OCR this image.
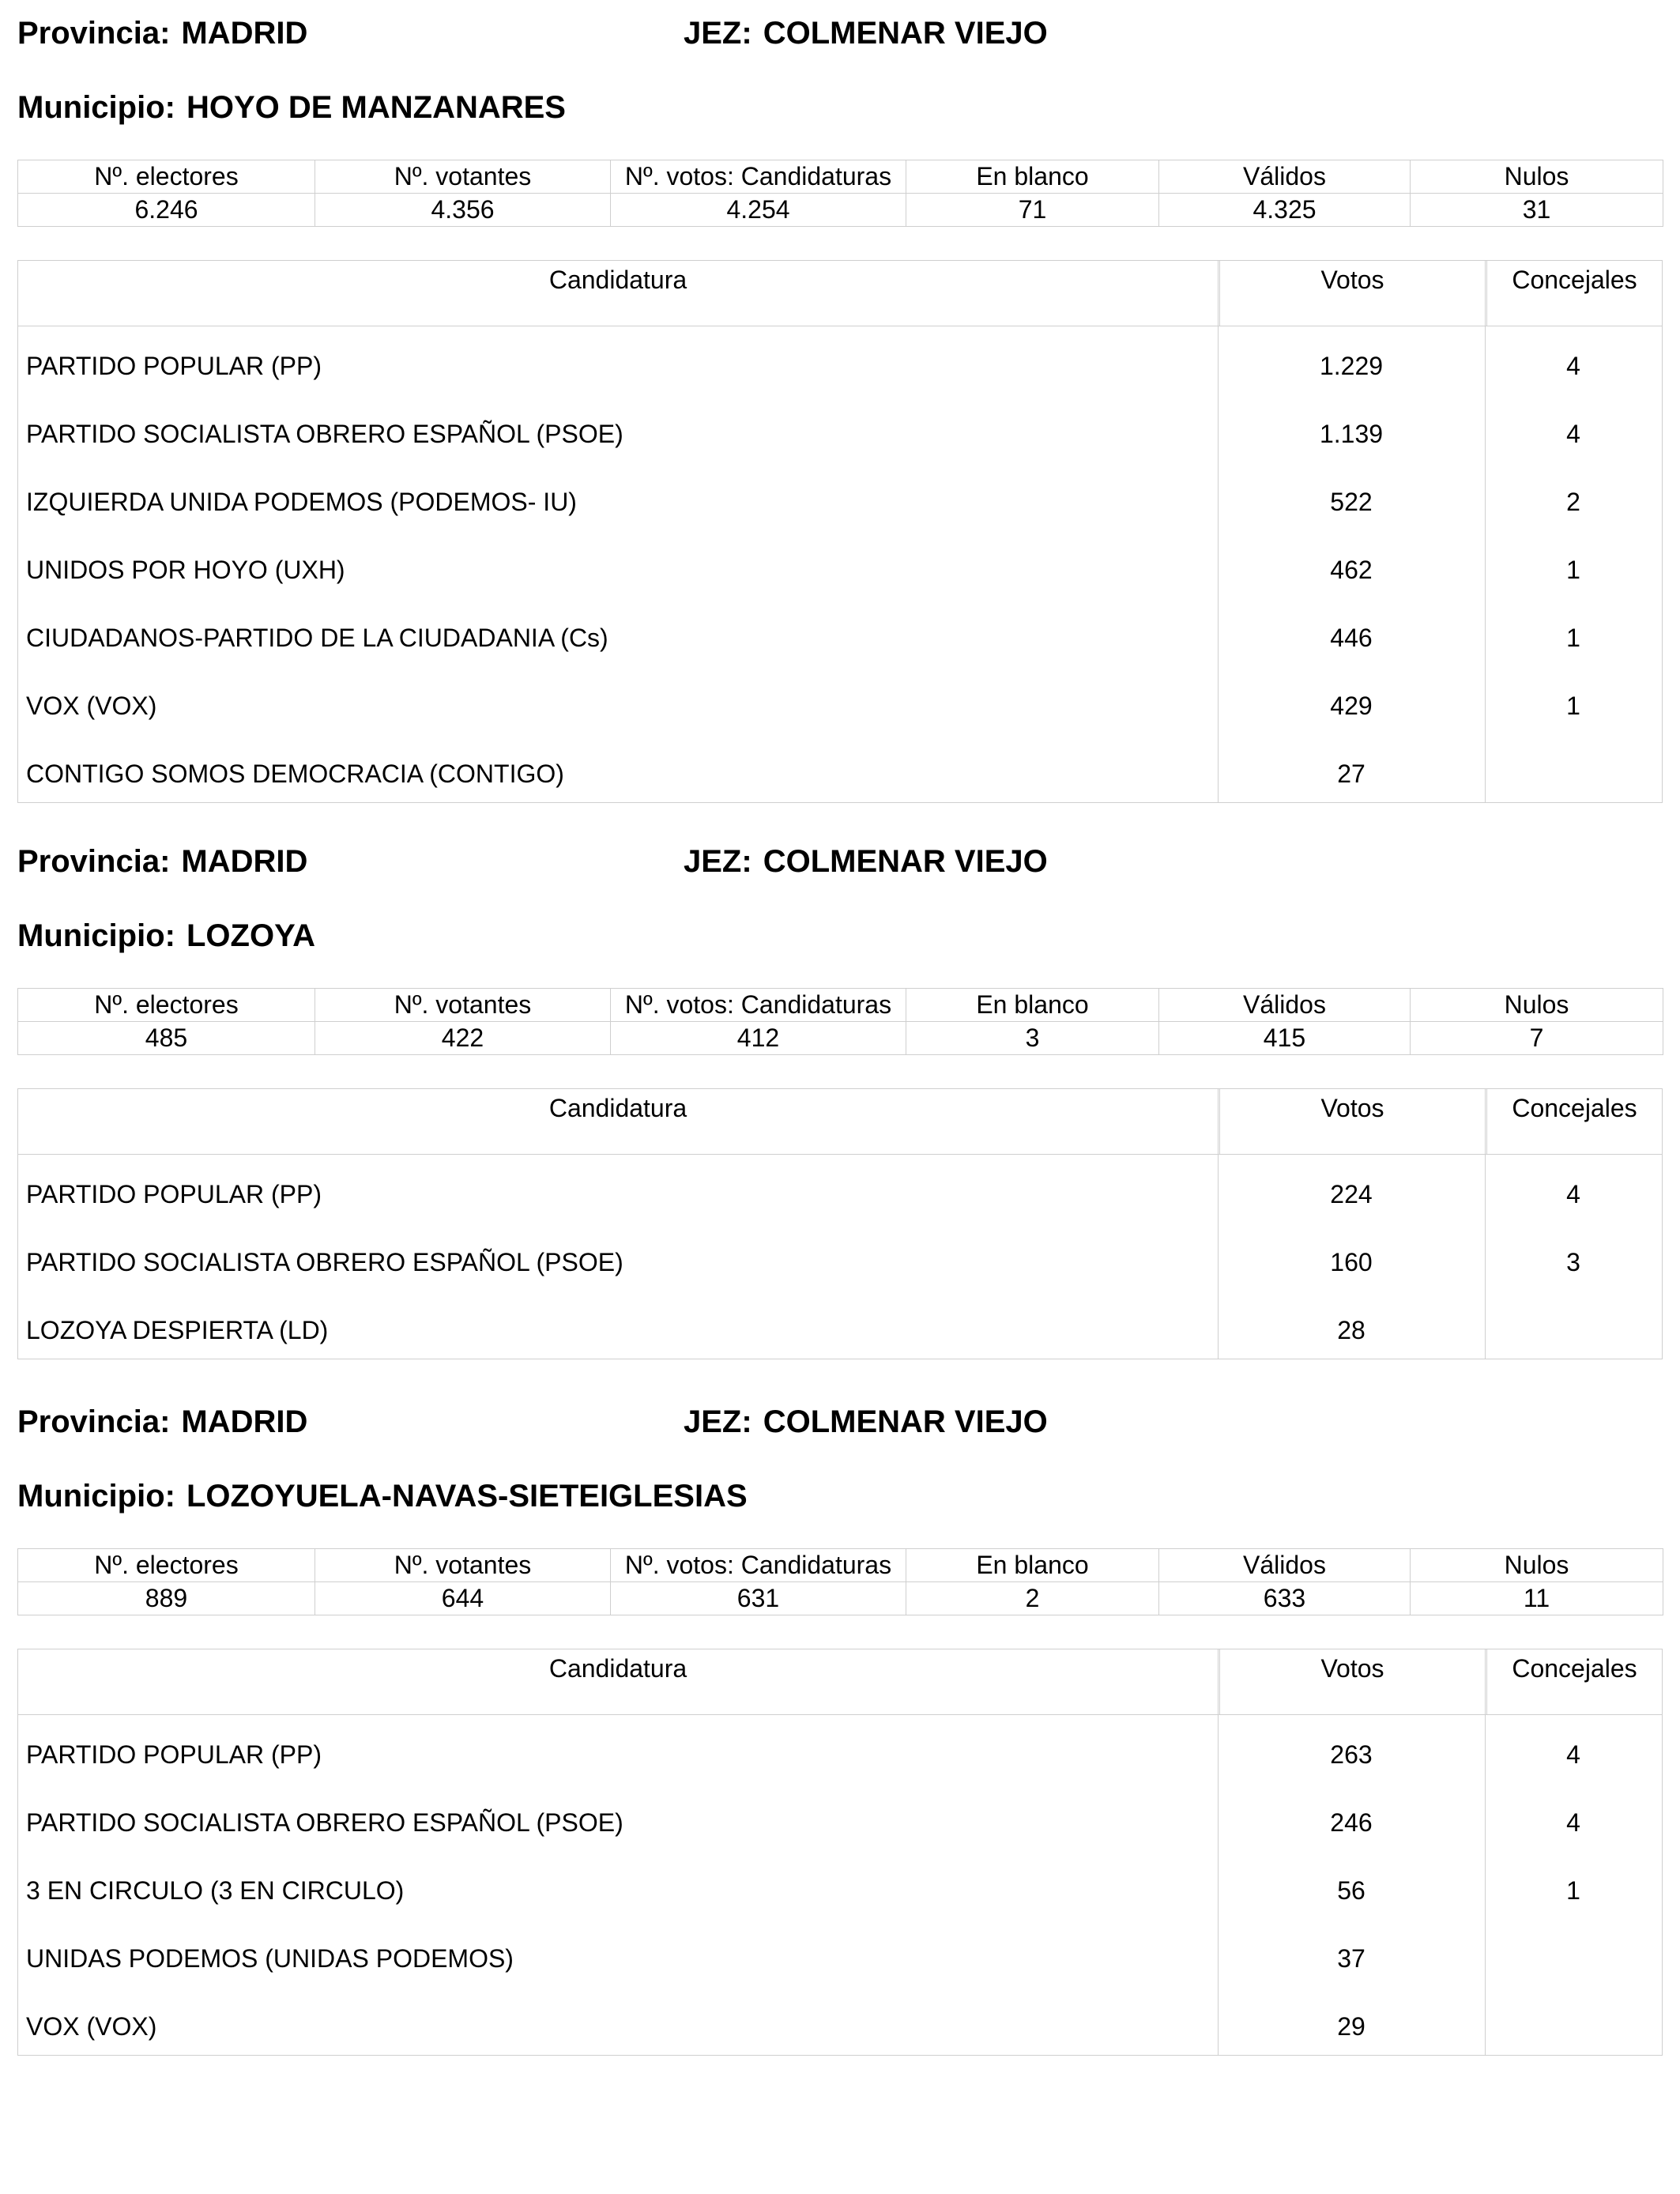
Provincia: MADRID	JEZ: COLMENAR VIEJO
Municipio: HOYO DE MANZANARES
Nº. electores	Nº. votantes	Nº. votos: Candidaturas	En blanco	Válidos	Nulos
6.246	4.356	4.254	71	4.325	31
Candidatura	Votos	Concejales
PARTIDO POPULAR (PP)	1.229	4
PARTIDO SOCIALISTA OBRERO ESPAÑOL (PSOE)	1.139	4
IZQUIERDA UNIDA PODEMOS (PODEMOS- IU)	522	2
UNIDOS POR HOYO (UXH)	462	1
CIUDADANOS-PARTIDO DE LA CIUDADANIA (Cs)	446	1
VOX (VOX)	429	1
CONTIGO SOMOS DEMOCRACIA (CONTIGO)	27
Provincia: MADRID	JEZ: COLMENAR VIEJO
Municipio: LOZOYA
Nº. electores	Nº. votantes	Nº. votos: Candidaturas	En blanco	Válidos	Nulos
485	422	412	3	415	7
Candidatura	Votos	Concejales
PARTIDO POPULAR (PP)	224	4
PARTIDO SOCIALISTA OBRERO ESPAÑOL (PSOE)	160	3
LOZOYA DESPIERTA (LD)	28
Provincia: MADRID	JEZ: COLMENAR VIEJO
Municipio: LOZOYUELA-NAVAS-SIETEIGLESIAS
Nº. electores	Nº. votantes	Nº. votos: Candidaturas	En blanco	Válidos	Nulos
889	644	631	2	633	11
Candidatura	Votos	Concejales
PARTIDO POPULAR (PP)	263	4
PARTIDO SOCIALISTA OBRERO ESPAÑOL (PSOE)	246	4
3 EN CIRCULO (3 EN CIRCULO)	56	1
UNIDAS PODEMOS (UNIDAS PODEMOS)	37
VOX (VOX)	29
